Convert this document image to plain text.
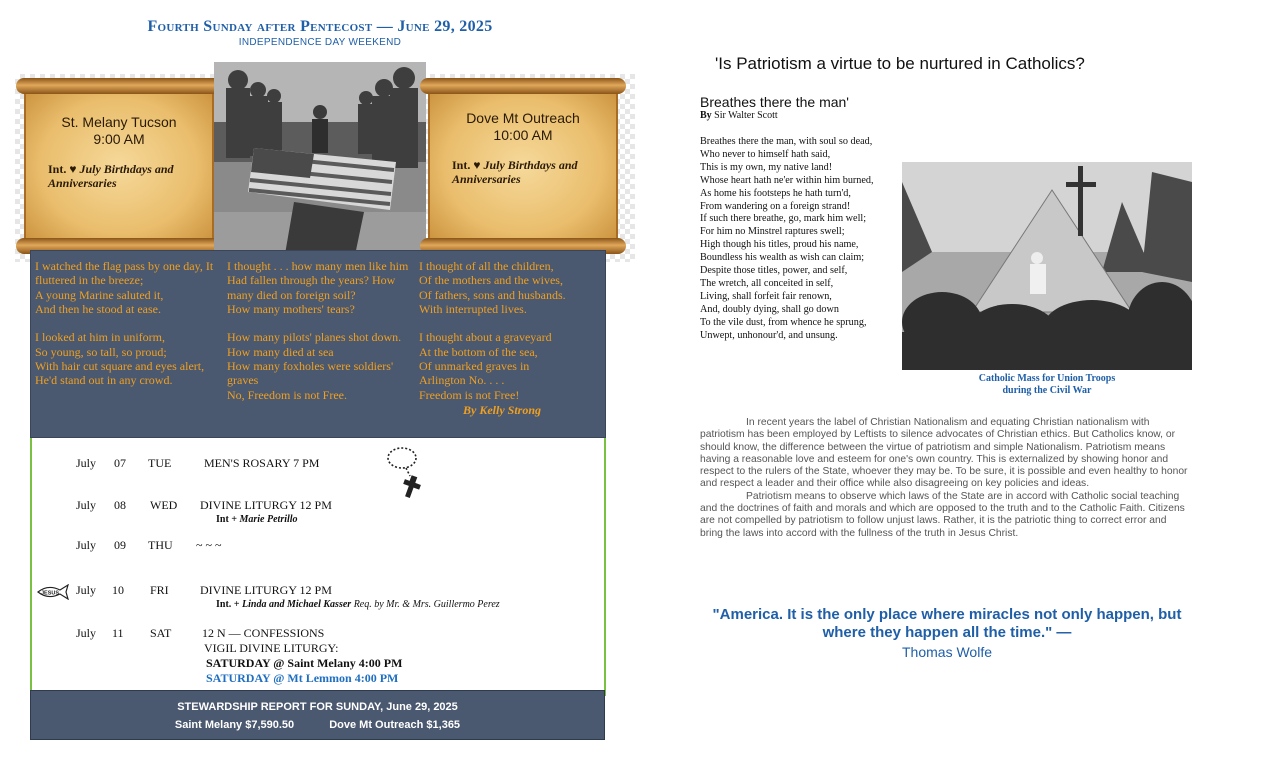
Fourth Sunday after Pentecost — June 29, 2025
INDEPENDENCE DAY WEEKEND
St. Melany Tucson
9:00 AM
Int. ♥ July Birthdays and Anniversaries
Dove Mt Outreach
10:00 AM
Int. ♥ July Birthdays and Anniversaries
I watched the flag pass by one day, It fluttered in the breeze;
A young Marine saluted it,
And then he stood at ease.

I looked at him in uniform,
So young, so tall, so proud;
With hair cut square and eyes alert,
He'd stand out in any crowd.
I thought . . . how many men like him Had fallen through the years? How many died on foreign soil?
How many mothers' tears?

How many pilots' planes shot down. How many died at sea
How many foxholes were soldiers' graves
No, Freedom is not Free.
I thought of all the children,
Of the mothers and the wives,
Of fathers, sons and husbands.
With interrupted lives.

I thought about a graveyard
At the bottom of the sea,
Of unmarked graves in
Arlington No. . . .
Freedom is not Free!
By Kelly Strong
July 07 TUE	MEN'S ROSARY 7 PM
July 08 WED DIVINE LITURGY 12 PM
Int + Marie Petrillo
July 09 THU ~ ~ ~
JESUS July 10 FRI	DIVINE LITURGY 12 PM
Int. + Linda and Michael Kasser Req. by Mr. & Mrs. Guillermo Perez
July 11 SAT	12 N — CONFESSIONS
VIGIL DIVINE LITURGY:
SATURDAY @ Saint Melany 4:00 PM
SATURDAY @ Mt Lemmon 4:00 PM
STEWARDSHIP REPORT FOR SUNDAY, June 29, 2025
Saint Melany $7,590.50	Dove Mt Outreach $1,365
'Is Patriotism a virtue to be nurtured in Catholics?
Breathes there the man'
By Sir Walter Scott
Breathes there the man, with soul so dead,
Who never to himself hath said,
This is my own, my native land!
Whose heart hath ne'er within him burned,
As home his footsteps he hath turn'd,
From wandering on a foreign strand!
If such there breathe, go, mark him well;
For him no Minstrel raptures swell;
High though his titles, proud his name,
Boundless his wealth as wish can claim;
Despite those titles, power, and self,
The wretch, all conceited in self,
Living, shall forfeit fair renown,
And, doubly dying, shall go down
To the vile dust, from whence he sprung,
Unwept, unhonour'd, and unsung.
Catholic Mass for Union Troops
during the Civil War

In recent years the label of Christian Nationalism and equating Christian nationalism with patriotism has been employed by Leftists to silence advocates of Christian ethics. But Catholics know, or should know, the difference between the virtue of patriotism and simple Nationalism. Patriotism means having a reasonable love and esteem for one's own country. This is externalized by showing honor and respect to the rulers of the State, whoever they may be. To be sure, it is possible and even healthy to honor and respect a leader and their office while also disagreeing on key policies and ideas.

Patriotism means to observe which laws of the State are in accord with Catholic social teaching and the doctrines of faith and morals and which are opposed to the truth and to the Catholic Faith. Citizens are not compelled by patriotism to follow unjust laws. Rather, it is the patriotic thing to correct error and bring the laws into accord with the fullness of the truth in Jesus Christ.

"America. It is the only place where miracles not only happen, but where they happen all the time." —
Thomas Wolfe
